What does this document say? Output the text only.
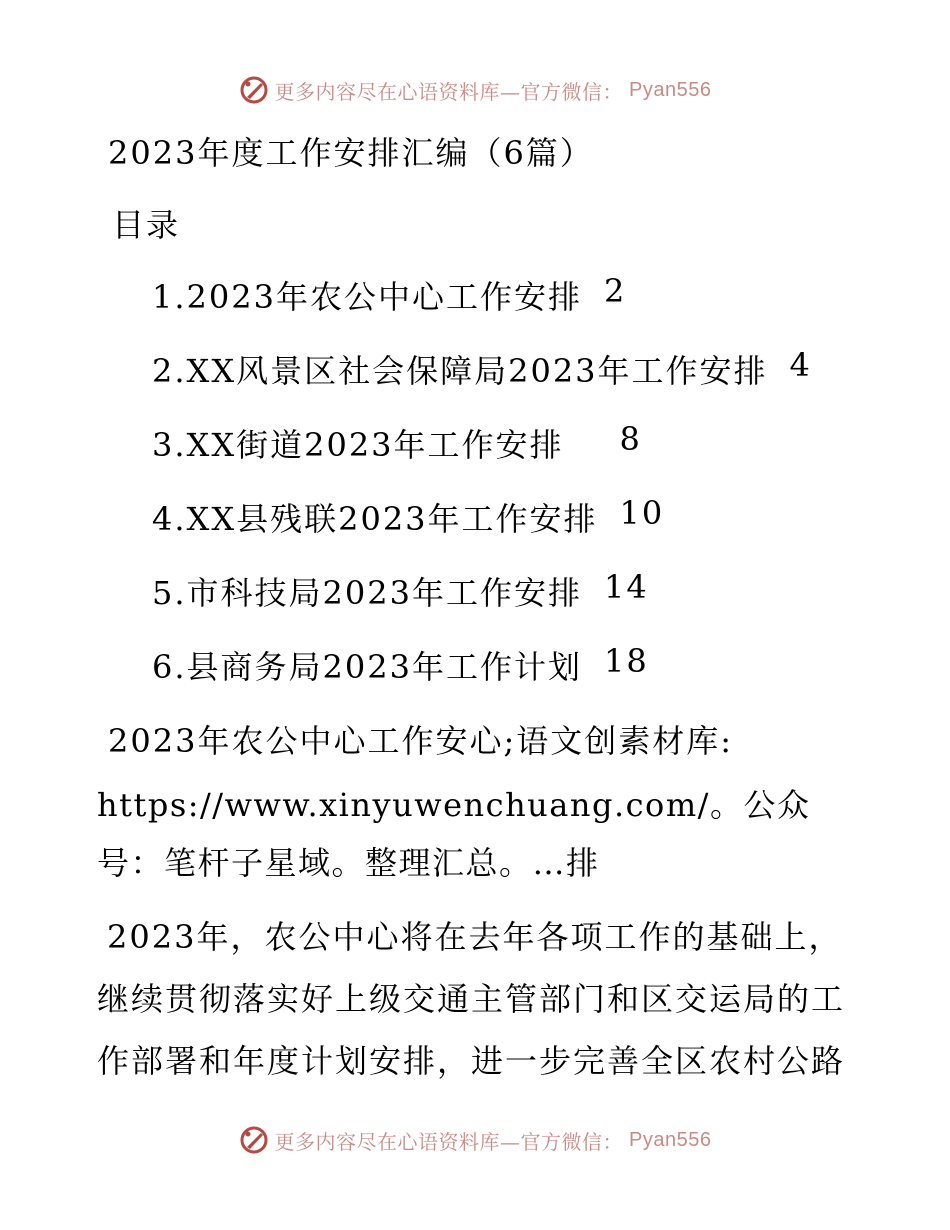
更多内容尽在心语资料库—官方微信： Pyan556
2023年度工作安排汇编（6篇）
目录
1.2023年农公中心工作安排 2
2.XX风景区社会保障局2023年工作安排 4
3.XX街道2023年工作安排 8
4.XX县残联2023年工作安排 10
5.市科技局2023年工作安排 14
6.县商务局2023年工作计划 18
2023年农公中心工作安心;语文创素材库:
https://www.xinyuwenchuang.com/。公众号：笔杆子星域。整理汇总。…排
2023年，农公中心将在去年各项工作的基础上，继续贯彻落实好上级交通主管部门和区交运局的工作部署和年度计划安排，进一步完善全区农村公路
更多内容尽在心语资料库—官方微信： Pyan556
